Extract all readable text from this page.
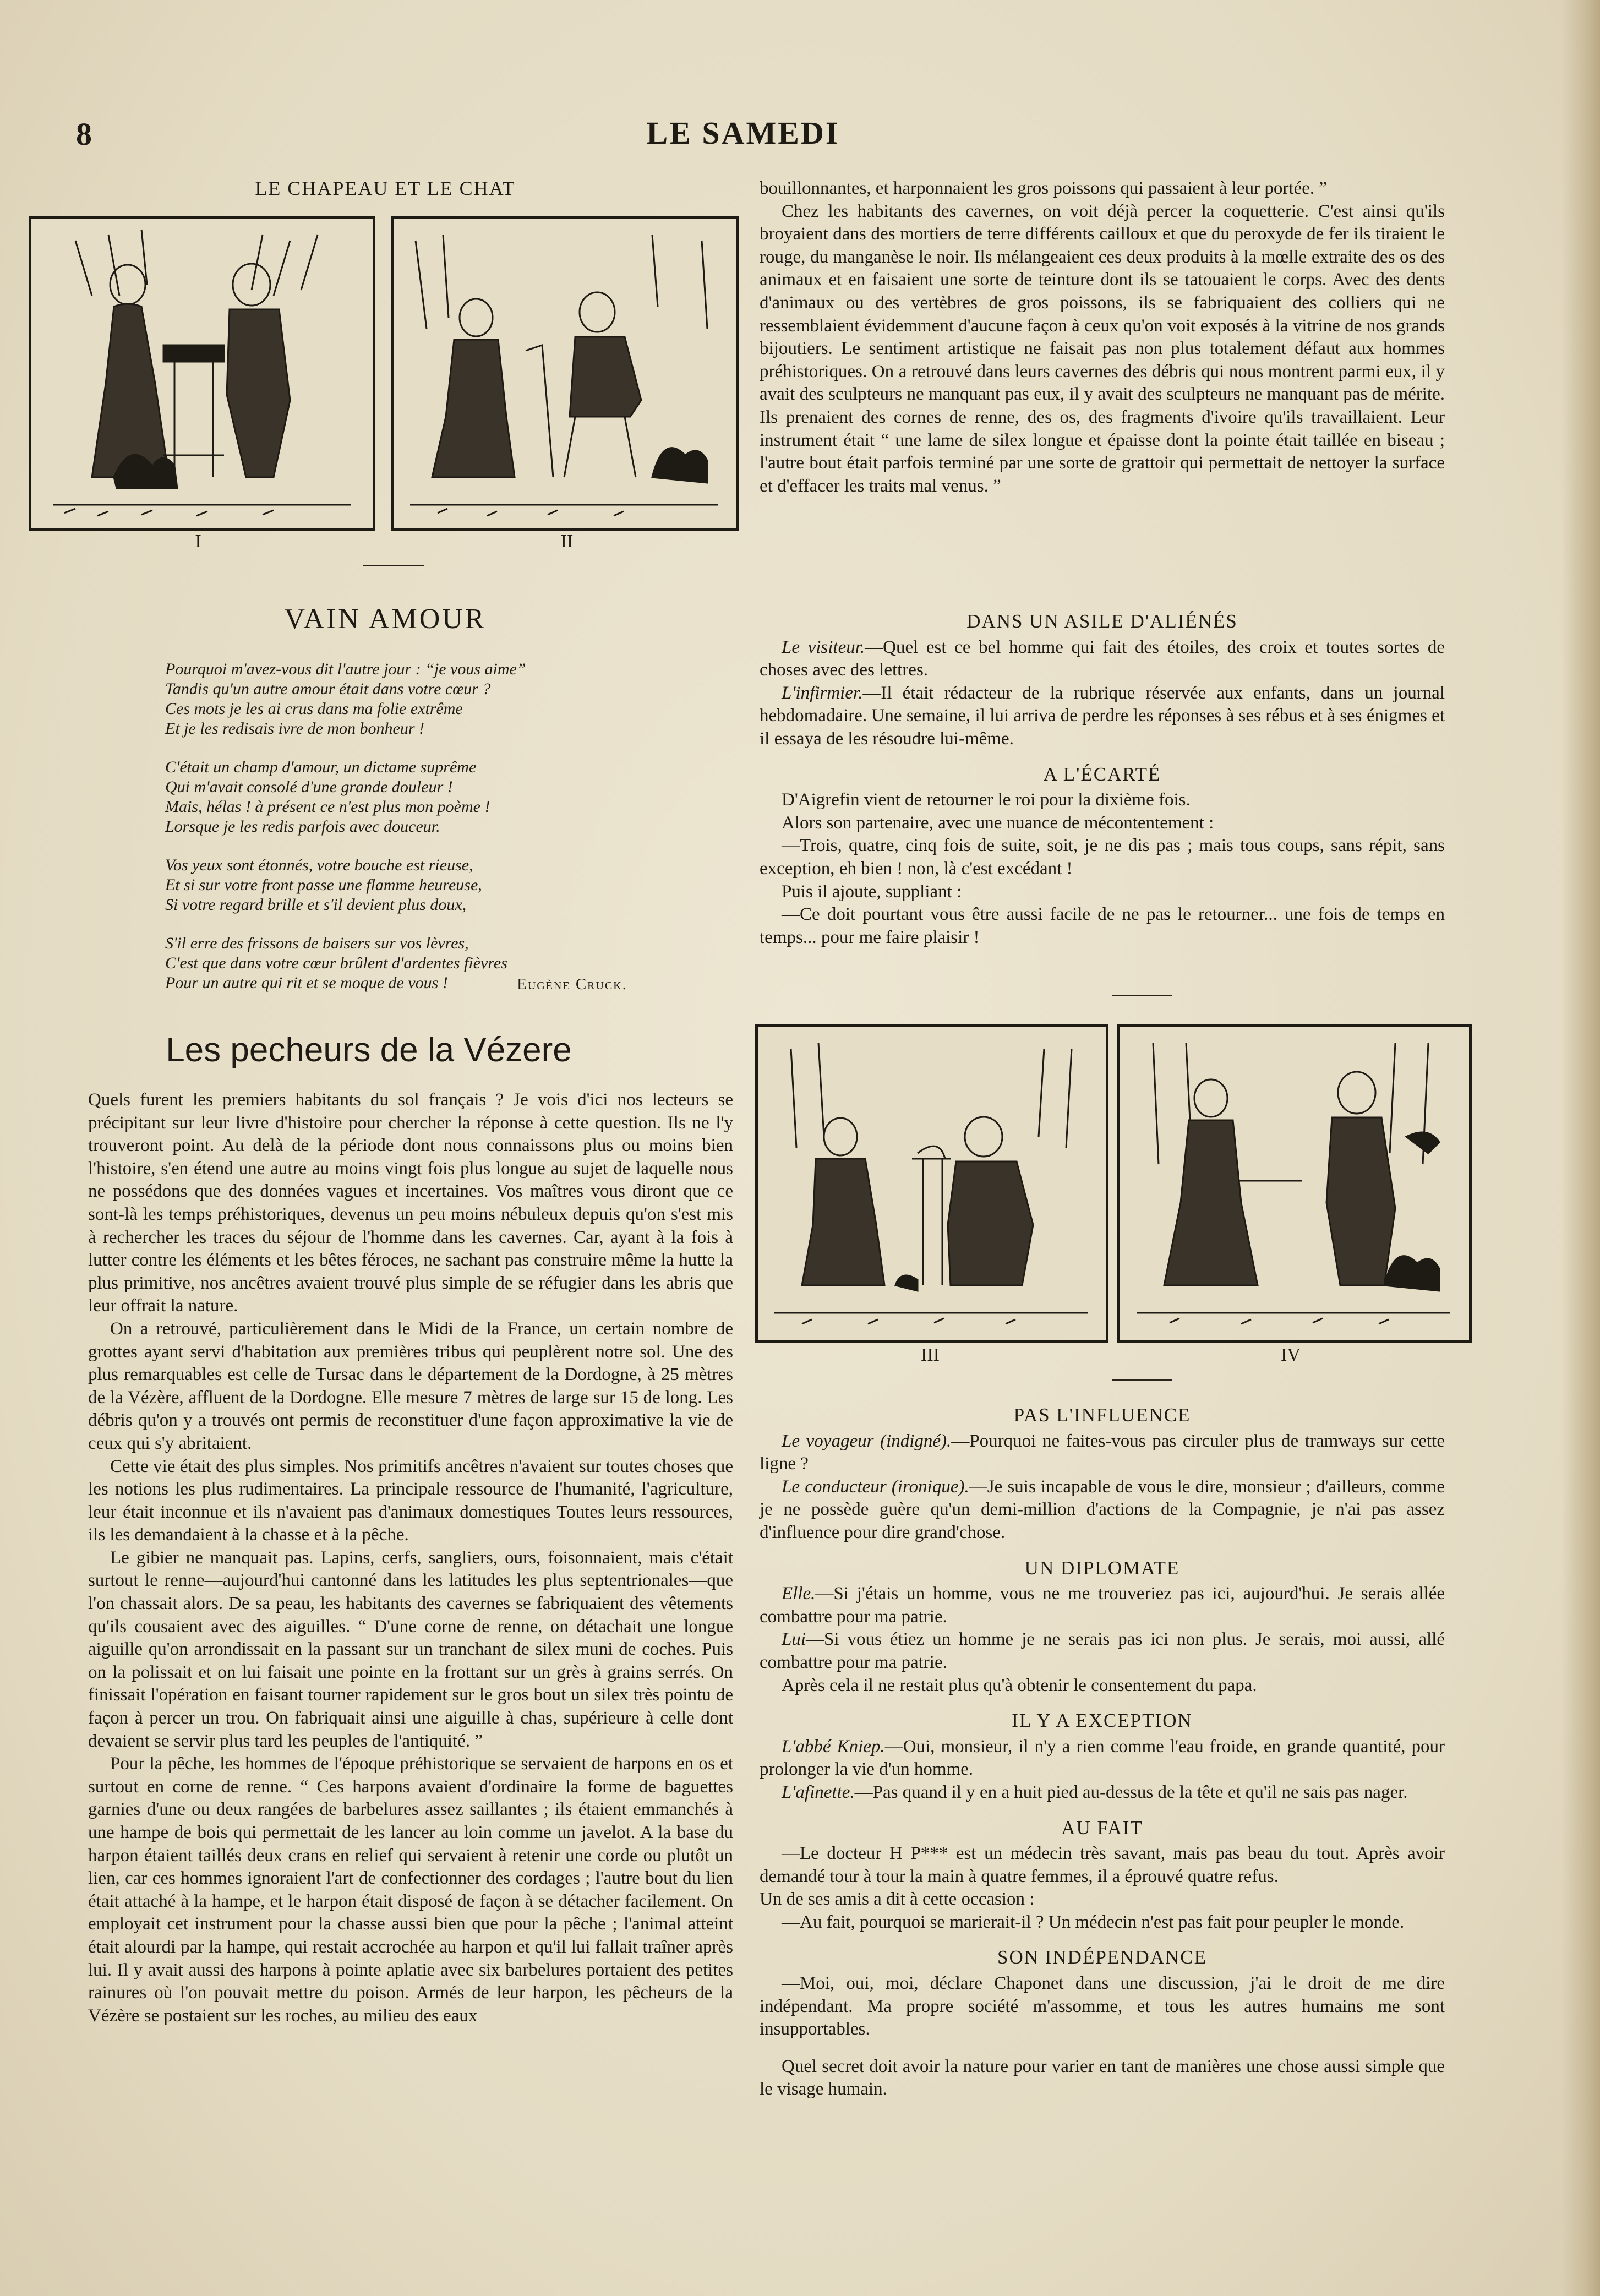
8	LE SAMEDI
LE CHAPEAU ET LE CHAT
I	II
VAIN AMOUR
Pourquoi m'avez-vous dit l'autre jour : “je vous aime”
Tandis qu'un autre amour était dans votre cœur ?
Ces mots je les ai crus dans ma folie extrême
Et je les redisais ivre de mon bonheur !
C'était un champ d'amour, un dictame suprême
Qui m'avait consolé d'une grande douleur !
Mais, hélas ! à présent ce n'est plus mon poème !
Lorsque je les redis parfois avec douceur.
Vos yeux sont étonnés, votre bouche est rieuse,
Et si sur votre front passe une flamme heureuse,
Si votre regard brille et s'il devient plus doux,
S'il erre des frissons de baisers sur vos lèvres,
C'est que dans votre cœur brûlent d'ardentes fièvres
Pour un autre qui rit et se moque de vous !	Eugène Cruck.
Les pecheurs de la Vézere

Quels furent les premiers habitants du sol français ? Je vois d'ici nos lecteurs se précipitant sur leur livre d'histoire pour chercher la réponse à cette question. Ils ne l'y trouveront point. Au delà de la période dont nous connaissons plus ou moins bien l'histoire, s'en étend une autre au moins vingt fois plus longue au sujet de laquelle nous ne possédons que des données vagues et incertaines. Vos maîtres vous diront que ce sont-là les temps préhistoriques, devenus un peu moins nébuleux depuis qu'on s'est mis à rechercher les traces du séjour de l'homme dans les cavernes. Car, ayant à la fois à lutter contre les éléments et les bêtes féroces, ne sachant pas construire même la hutte la plus primitive, nos ancêtres avaient trouvé plus simple de se réfugier dans les abris que leur offrait la nature.

On a retrouvé, particulièrement dans le Midi de la France, un certain nombre de grottes ayant servi d'habitation aux premières tribus qui peuplèrent notre sol. Une des plus remarquables est celle de Tursac dans le département de la Dordogne, à 25 mètres de la Vézère, affluent de la Dordogne. Elle mesure 7 mètres de large sur 15 de long. Les débris qu'on y a trouvés ont permis de reconstituer d'une façon approximative la vie de ceux qui s'y abritaient.

Cette vie était des plus simples. Nos primitifs ancêtres n'avaient sur toutes choses que les notions les plus rudimentaires. La principale ressource de l'humanité, l'agriculture, leur était inconnue et ils n'avaient pas d'animaux domestiques Toutes leurs ressources, ils les demandaient à la chasse et à la pêche.

Le gibier ne manquait pas. Lapins, cerfs, sangliers, ours, foisonnaient, mais c'était surtout le renne—aujourd'hui cantonné dans les latitudes les plus septentrionales—que l'on chassait alors. De sa peau, les habitants des cavernes se fabriquaient des vêtements qu'ils cousaient avec des aiguilles. “ D'une corne de renne, on détachait une longue aiguille qu'on arrondissait en la passant sur un tranchant de silex muni de coches. Puis on la polissait et on lui faisait une pointe en la frottant sur un grès à grains serrés. On finissait l'opération en faisant tourner rapidement sur le gros bout un silex très pointu de façon à percer un trou. On fabriquait ainsi une aiguille à chas, supérieure à celle dont devaient se servir plus tard les peuples de l'antiquité. ”

Pour la pêche, les hommes de l'époque préhistorique se servaient de harpons en os et surtout en corne de renne. “ Ces harpons avaient d'ordinaire la forme de baguettes garnies d'une ou deux rangées de barbelures assez saillantes ; ils étaient emmanchés à une hampe de bois qui permettait de les lancer au loin comme un javelot. A la base du harpon étaient taillés deux crans en relief qui servaient à retenir une corde ou plutôt un lien, car ces hommes ignoraient l'art de confectionner des cordages ; l'autre bout du lien était attaché à la hampe, et le harpon était disposé de façon à se détacher facilement. On employait cet instrument pour la chasse aussi bien que pour la pêche ; l'animal atteint était alourdi par la hampe, qui restait accrochée au harpon et qu'il lui fallait traîner après lui. Il y avait aussi des harpons à pointe aplatie avec six barbelures portaient des petites rainures où l'on pouvait mettre du poison. Armés de leur harpon, les pêcheurs de la Vézère se postaient sur les roches, au milieu des eaux

bouillonnantes, et harponnaient les gros poissons qui passaient à leur portée. ”

Chez les habitants des cavernes, on voit déjà percer la coquetterie. C'est ainsi qu'ils broyaient dans des mortiers de terre différents cailloux et que du peroxyde de fer ils tiraient le rouge, du manganèse le noir. Ils mélangeaient ces deux produits à la mœlle extraite des os des animaux et en faisaient une sorte de teinture dont ils se tatouaient le corps. Avec des dents d'animaux ou des vertèbres de gros poissons, ils se fabriquaient des colliers qui ne ressemblaient évidemment d'aucune façon à ceux qu'on voit exposés à la vitrine de nos grands bijoutiers. Le sentiment artistique ne faisait pas non plus totalement défaut aux hommes préhistoriques. On a retrouvé dans leurs cavernes des débris qui nous montrent parmi eux, il y avait des sculpteurs ne manquant pas eux, il y avait des sculpteurs ne manquant pas de mérite. Ils prenaient des cornes de renne, des os, des fragments d'ivoire qu'ils travaillaient. Leur instrument était “ une lame de silex longue et épaisse dont la pointe était taillée en biseau ; l'autre bout était parfois terminé par une sorte de grattoir qui permettait de nettoyer la surface et d'effacer les traits mal venus. ”

DANS UN ASILE D'ALIÉNÉS

Le visiteur.—Quel est ce bel homme qui fait des étoiles, des croix et toutes sortes de choses avec des lettres.

L'infirmier.—Il était rédacteur de la rubrique réservée aux enfants, dans un journal hebdomadaire. Une semaine, il lui arriva de perdre les réponses à ses rébus et à ses énigmes et il essaya de les résoudre lui-même.

A L'ÉCARTÉ

D'Aigrefin vient de retourner le roi pour la dixième fois.

Alors son partenaire, avec une nuance de mécontentement :

—Trois, quatre, cinq fois de suite, soit, je ne dis pas ; mais tous coups, sans répit, sans exception, eh bien ! non, là c'est excédant !

Puis il ajoute, suppliant :

—Ce doit pourtant vous être aussi facile de ne pas le retourner... une fois de temps en temps... pour me faire plaisir !

III	IV
PAS L'INFLUENCE

Le voyageur (indigné).—Pourquoi ne faites-vous pas circuler plus de tramways sur cette ligne ?

Le conducteur (ironique).—Je suis incapable de vous le dire, monsieur ; d'ailleurs, comme je ne possède guère qu'un demi-million d'actions de la Compagnie, je n'ai pas assez d'influence pour dire grand'chose.

UN DIPLOMATE

Elle.—Si j'étais un homme, vous ne me trouveriez pas ici, aujourd'hui. Je serais allée combattre pour ma patrie.

Lui—Si vous étiez un homme je ne serais pas ici non plus. Je serais, moi aussi, allé combattre pour ma patrie.

Après cela il ne restait plus qu'à obtenir le consentement du papa.

IL Y A EXCEPTION

L'abbé Kniep.—Oui, monsieur, il n'y a rien comme l'eau froide, en grande quantité, pour prolonger la vie d'un homme.

L'afinette.—Pas quand il y en a huit pied au-dessus de la tête et qu'il ne sais pas nager.

AU FAIT

—Le docteur H P*** est un médecin très savant, mais pas beau du tout. Après avoir demandé tour à tour la main à quatre femmes, il a éprouvé quatre refus.

Un de ses amis a dit à cette occasion :

—Au fait, pourquoi se marierait-il ? Un médecin n'est pas fait pour peupler le monde.

SON INDÉPENDANCE

—Moi, oui, moi, déclare Chaponet dans une discussion, j'ai le droit de me dire indépendant. Ma propre société m'assomme, et tous les autres humains me sont insupportables.

Quel secret doit avoir la nature pour varier en tant de manières une chose aussi simple que le visage humain.
